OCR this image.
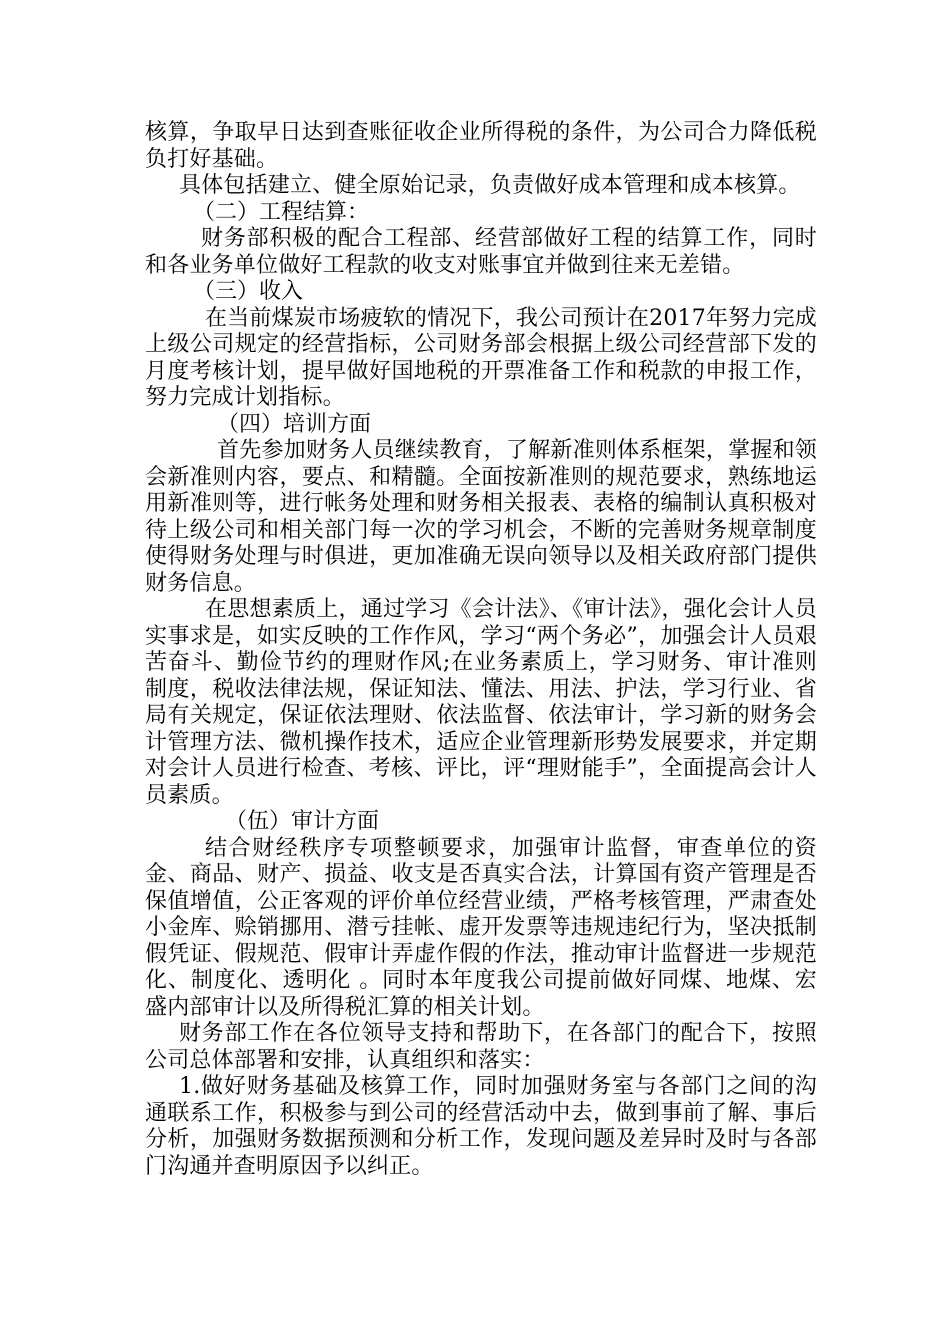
核算，争取早日达到查账征收企业所得税的条件，为公司合力降低税负打好基础。

具体包括建立、健全原始记录，负责做好成本管理和成本核算。

（二）工程结算：

财务部积极的配合工程部、经营部做好工程的结算工作，同时和各业务单位做好工程款的收支对账事宜并做到往来无差错。

（三）收入

在当前煤炭市场疲软的情况下，我公司预计在2017年努力完成上级公司规定的经营指标，公司财务部会根据上级公司经营部下发的月度考核计划，提早做好国地税的开票准备工作和税款的申报工作，努力完成计划指标。

（四）培训方面

首先参加财务人员继续教育，了解新准则体系框架，掌握和领会新准则内容，要点、和精髓。全面按新准则的规范要求，熟练地运用新准则等，进行帐务处理和财务相关报表、表格的编制认真积极对待上级公司和相关部门每一次的学习机会，不断的完善财务规章制度使得财务处理与时俱进，更加准确无误向领导以及相关政府部门提供财务信息。

在思想素质上，通过学习《会计法》、《审计法》，强化会计人员实事求是，如实反映的工作作风，学习“两个务必”，加强会计人员艰苦奋斗、勤俭节约的理财作风;在业务素质上，学习财务、审计准则制度，税收法律法规，保证知法、懂法、用法、护法，学习行业、省局有关规定，保证依法理财、依法监督、依法审计，学习新的财务会计管理方法、微机操作技术，适应企业管理新形势发展要求，并定期对会计人员进行检查、考核、评比，评“理财能手”，全面提高会计人员素质。

（伍）审计方面

结合财经秩序专项整顿要求，加强审计监督，审查单位的资金、商品、财产、损益、收支是否真实合法，计算国有资产管理是否保值增值，公正客观的评价单位经营业绩，严格考核管理，严肃查处小金库、赊销挪用、潜亏挂帐、虚开发票等违规违纪行为，坚决抵制假凭证、假规范、假审计弄虚作假的作法，推动审计监督进一步规范化、制度化、透明化 。同时本年度我公司提前做好同煤、地煤、宏盛内部审计以及所得税汇算的相关计划。

财务部工作在各位领导支持和帮助下，在各部门的配合下，按照公司总体部署和安排，认真组织和落实：

1.做好财务基础及核算工作，同时加强财务室与各部门之间的沟通联系工作，积极参与到公司的经营活动中去，做到事前了解、事后分析，加强财务数据预测和分析工作，发现问题及差异时及时与各部门沟通并查明原因予以纠正。
